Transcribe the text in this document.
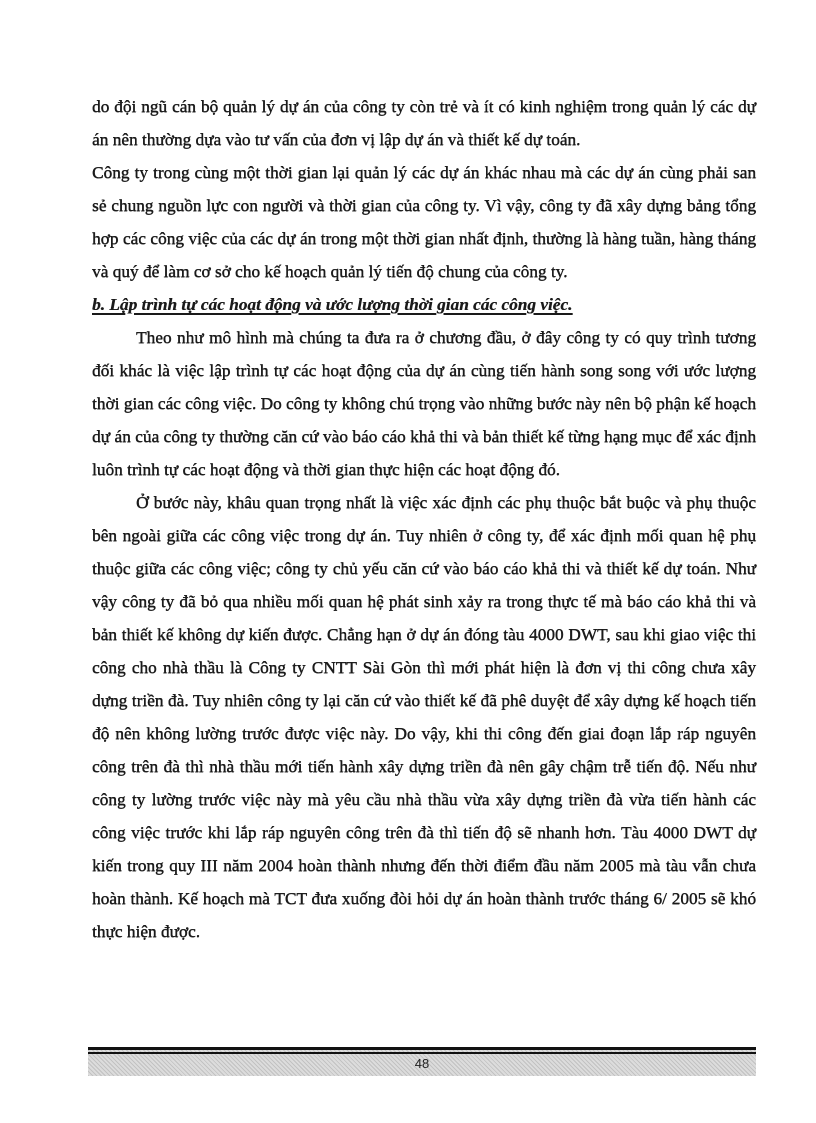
do đội ngũ cán bộ quản lý dự án của công ty còn trẻ và ít có kinh nghiệm trong quản lý các dự án nên thường dựa vào tư vấn của đơn vị lập dự án và thiết kế dự toán.

Công ty trong cùng một thời gian lại quản lý các dự án khác nhau mà các dự án cùng phải san sẻ chung nguồn lực con người và thời gian của công ty. Vì vậy, công ty đã xây dựng bảng tổng hợp các công việc của các dự án trong một thời gian nhất định, thường là hàng tuần, hàng tháng và quý để làm cơ sở cho kế hoạch quản lý tiến độ chung của công ty.

b. Lập trình tự các hoạt động và ước lượng thời gian các công việc.

Theo như mô hình mà chúng ta đưa ra ở chương đầu, ở đây công ty có quy trình tương đối khác là việc lập trình tự các hoạt động của dự án cùng tiến hành song song với ước lượng thời gian các công việc. Do công ty không chú trọng vào những bước này nên bộ phận kế hoạch dự án của công ty thường căn cứ vào báo cáo khả thi và bản thiết kế từng hạng mục để xác định luôn trình tự các hoạt động và thời gian thực hiện các hoạt động đó.

Ở bước này, khâu quan trọng nhất là việc xác định các phụ thuộc bắt buộc và phụ thuộc bên ngoài giữa các công việc trong dự án. Tuy nhiên ở công ty, để xác định mối quan hệ phụ thuộc giữa các công việc; công ty chủ yếu căn cứ vào báo cáo khả thi và thiết kế dự toán. Như vậy công ty đã bỏ qua nhiều mối quan hệ phát sinh xảy ra trong thực tế mà báo cáo khả thi và bản thiết kế không dự kiến được. Chẳng hạn ở dự án đóng tàu 4000 DWT, sau khi giao việc thi công cho nhà thầu là Công ty CNTT Sài Gòn thì mới phát hiện là đơn vị thi công chưa xây dựng triền đà. Tuy nhiên công ty lại căn cứ vào thiết kế đã phê duyệt để xây dựng kế hoạch tiến độ nên không lường trước được việc này. Do vậy, khi thi công đến giai đoạn lắp ráp nguyên công trên đà thì nhà thầu mới tiến hành xây dựng triền đà nên gây chậm trễ tiến độ. Nếu như công ty lường trước việc này mà yêu cầu nhà thầu vừa xây dựng triền đà vừa tiến hành các công việc trước khi lắp ráp nguyên công trên đà thì tiến độ sẽ nhanh hơn. Tàu 4000 DWT dự kiến trong quy III năm 2004 hoàn thành nhưng đến thời điểm đầu năm 2005 mà tàu vẫn chưa hoàn thành. Kế hoạch mà TCT đưa xuống đòi hỏi dự án hoàn thành trước tháng 6/ 2005 sẽ khó thực hiện được.

48
